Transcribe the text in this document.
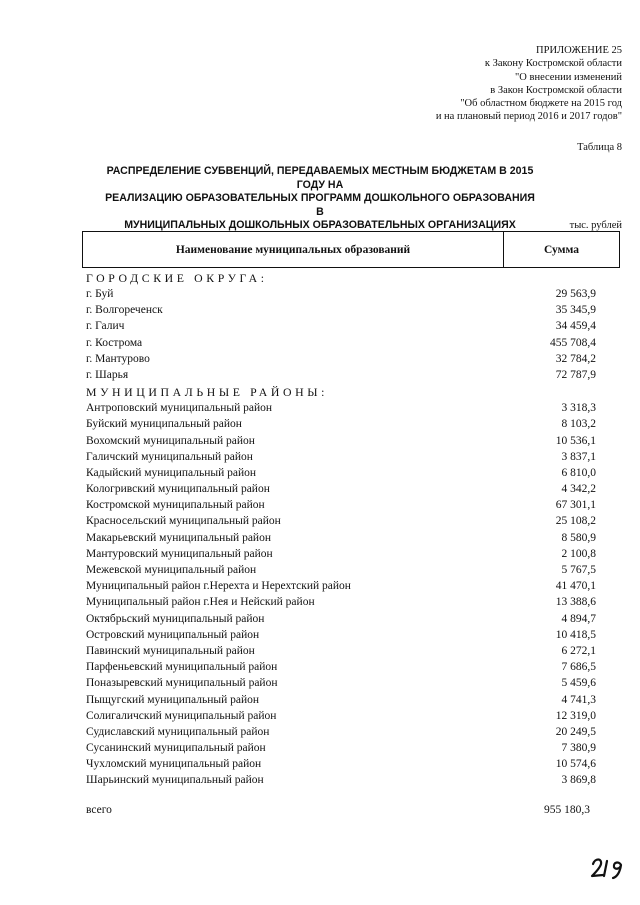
ПРИЛОЖЕНИЕ 25
к Закону Костромской области
"О внесении изменений
в Закон Костромской области
"Об областном бюджете на 2015 год
и на плановый период 2016 и 2017 годов"
Таблица 8
РАСПРЕДЕЛЕНИЕ СУБВЕНЦИЙ, ПЕРЕДАВАЕМЫХ МЕСТНЫМ БЮДЖЕТАМ В 2015 ГОДУ НА
РЕАЛИЗАЦИЮ ОБРАЗОВАТЕЛЬНЫХ ПРОГРАММ ДОШКОЛЬНОГО ОБРАЗОВАНИЯ В
МУНИЦИПАЛЬНЫХ ДОШКОЛЬНЫХ ОБРАЗОВАТЕЛЬНЫХ ОРГАНИЗАЦИЯХ	тыс. рублей
Наименование муниципальных образований	Сумма
ГОРОДСКИЕ ОКРУГА:
г. Буй	29 563,9
г. Волгореченск	35 345,9
г. Галич	34 459,4
г. Кострома	455 708,4
г. Мантурово	32 784,2
г. Шарья	72 787,9
МУНИЦИПАЛЬНЫЕ РАЙОНЫ:
Антроповский муниципальный район	3 318,3
Буйский муниципальный район	8 103,2
Вохомский муниципальный район	10 536,1
Галичский муниципальный район	3 837,1
Кадыйский муниципальный район	6 810,0
Кологривский муниципальный район	4 342,2
Костромской муниципальный район	67 301,1
Красносельский муниципальный район	25 108,2
Макарьевский муниципальный район	8 580,9
Мантуровский муниципальный район	2 100,8
Межевской муниципальный район	5 767,5
Муниципальный район г.Нерехта и Нерехтский район	41 470,1
Муниципальный район г.Нея и Нейский район	13 388,6
Октябрьский муниципальный район	4 894,7
Островский муниципальный район	10 418,5
Павинский муниципальный район	6 272,1
Парфеньевский муниципальный район	7 686,5
Поназыревский муниципальный район	5 459,6
Пыщугский муниципальный район	4 741,3
Солигаличский муниципальный район	12 319,0
Судиславский муниципальный район	20 249,5
Сусанинский муниципальный район	7 380,9
Чухломский муниципальный район	10 574,6
Шарьинский муниципальный район	3 869,8
всего	955 180,3
